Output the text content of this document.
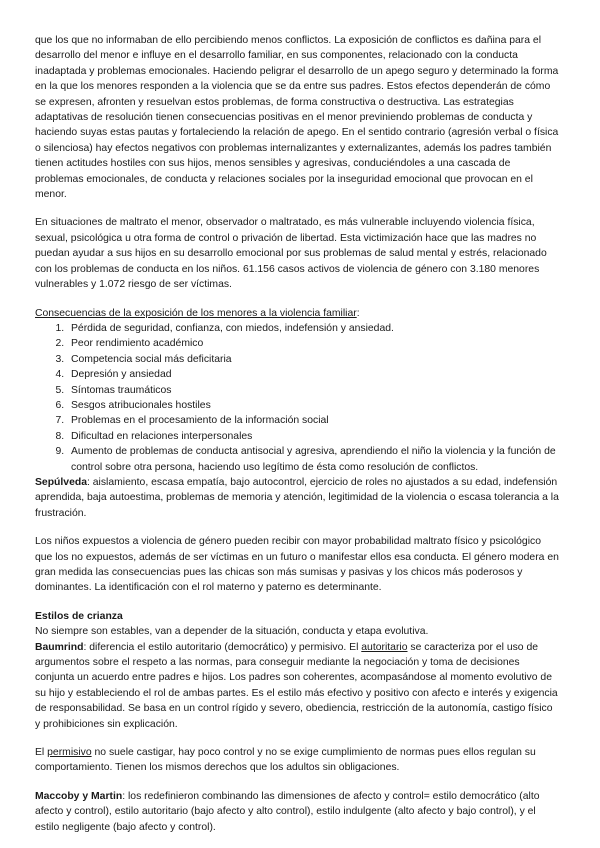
que los que no informaban de ello percibiendo menos conflictos. La exposición de conflictos es dañina para el desarrollo del menor e influye en el desarrollo familiar, en sus componentes, relacionado con la conducta inadaptada y problemas emocionales. Haciendo peligrar el desarrollo de un apego seguro y determinado la forma en la que los menores responden a la violencia que se da entre sus padres. Estos efectos dependerán de cómo se expresen, afronten y resuelvan estos problemas, de forma constructiva o destructiva. Las estrategias adaptativas de resolución tienen consecuencias positivas en el menor previniendo problemas de conducta y haciendo suyas estas pautas y fortaleciendo la relación de apego. En el sentido contrario (agresión verbal o física o silenciosa) hay efectos negativos con problemas internalizantes y externalizantes, además los padres también tienen actitudes hostiles con sus hijos, menos sensibles y agresivas, conduciéndoles a una cascada de problemas emocionales, de conducta y relaciones sociales por la inseguridad emocional que provocan en el menor.

En situaciones de maltrato el menor, observador o maltratado, es más vulnerable incluyendo violencia física, sexual, psicológica u otra forma de control o privación de libertad. Esta victimización hace que las madres no puedan ayudar a sus hijos en su desarrollo emocional por sus problemas de salud mental y estrés, relacionado con los problemas de conducta en los niños. 61.156 casos activos de violencia de género con 3.180 menores vulnerables y 1.072 riesgo de ser víctimas.

Consecuencias de la exposición de los menores a la violencia familiar:

1. Pérdida de seguridad, confianza, con miedos, indefensión y ansiedad.
2. Peor rendimiento académico
3. Competencia social más deficitaria
4. Depresión y ansiedad
5. Síntomas traumáticos
6. Sesgos atribucionales hostiles
7. Problemas en el procesamiento de la información social
8. Dificultad en relaciones interpersonales
9. Aumento de problemas de conducta antisocial y agresiva, aprendiendo el niño la violencia y la función de control sobre otra persona, haciendo uso legítimo de ésta como resolución de conflictos.

Sepúlveda: aislamiento, escasa empatía, bajo autocontrol, ejercicio de roles no ajustados a su edad, indefensión aprendida, baja autoestima, problemas de memoria y atención, legitimidad de la violencia o escasa tolerancia a la frustración.

Los niños expuestos a violencia de género pueden recibir con mayor probabilidad maltrato físico y psicológico que los no expuestos, además de ser víctimas en un futuro o manifestar ellos esa conducta. El género modera en gran medida las consecuencias pues las chicas son más sumisas y pasivas y los chicos más poderosos y dominantes. La identificación con el rol materno y paterno es determinante.

Estilos de crianza

No siempre son estables, van a depender de la situación, conducta y etapa evolutiva.

Baumrind: diferencia el estilo autoritario (democrático) y permisivo. El autoritario se caracteriza por el uso de argumentos sobre el respeto a las normas, para conseguir mediante la negociación y toma de decisiones conjunta un acuerdo entre padres e hijos. Los padres son coherentes, acompasándose al momento evolutivo de su hijo y estableciendo el rol de ambas partes. Es el estilo más efectivo y positivo con afecto e interés y exigencia de responsabilidad. Se basa en un control rígido y severo, obediencia, restricción de la autonomía, castigo físico y prohibiciones sin explicación.

El permisivo no suele castigar, hay poco control y no se exige cumplimiento de normas pues ellos regulan su comportamiento. Tienen los mismos derechos que los adultos sin obligaciones.

Maccoby y Martin: los redefinieron combinando las dimensiones de afecto y control= estilo democrático (alto afecto y control), estilo autoritario (bajo afecto y alto control), estilo indulgente (alto afecto y bajo control), y el estilo negligente (bajo afecto y control).
